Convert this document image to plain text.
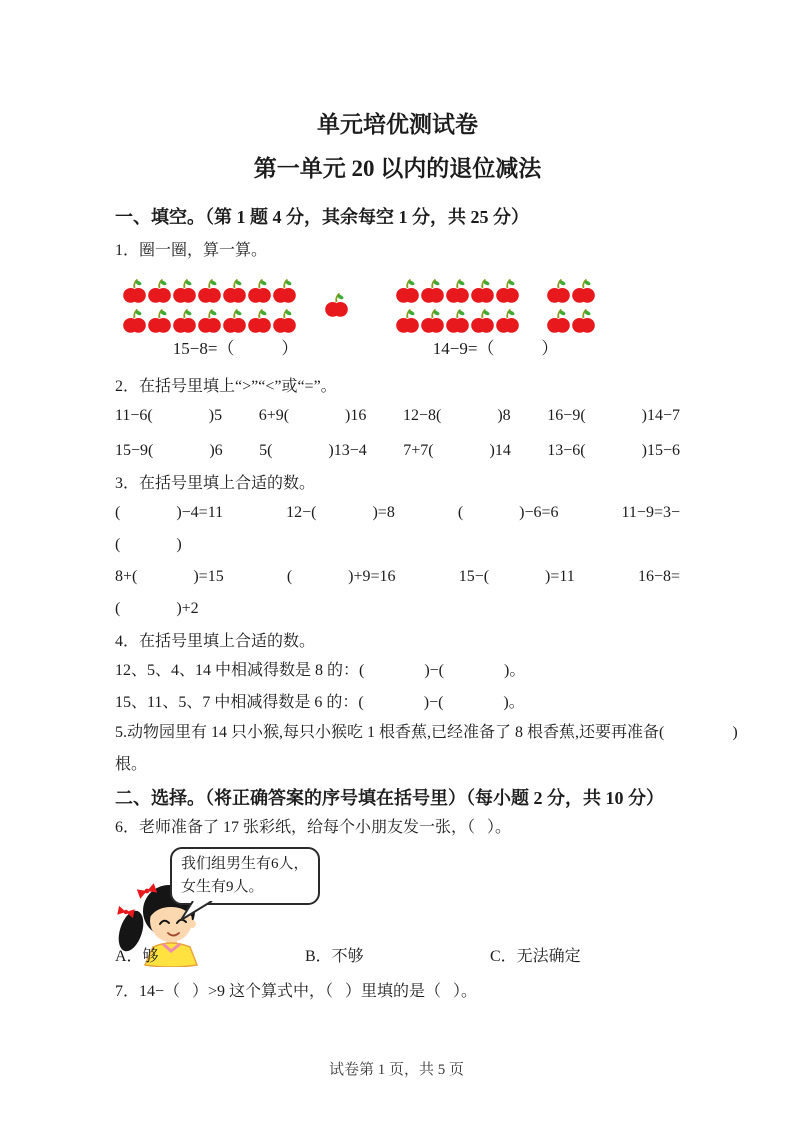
单元培优测试卷
第一单元 20 以内的退位减法
一、填空。（第 1 题 4 分，其余每空 1 分，共 25 分）
1．圈一圈，算一算。
15−8=（           ）	14−9=（           ）
2．在括号里填上“>”“<”或“=”。
11−6(              )5 6+9(              )16 12−8(              )8 16−9(              )14−7
15−9(              )6 5(              )13−4 7+7(              )14 13−6(              )15−6
3．在括号里填上合适的数。
(              )−4=11	12−(              )=8	(              )−6=6	11−9=3−
(              )
8+(              )=15	(              )+9=16	15−(              )=11	16−8=
(              )+2
4．在括号里填上合适的数。
12、5、4、14 中相减得数是 8 的：(               )−(               )。
15、11、5、7 中相减得数是 6 的：(               )−(               )。
5.动物园里有 14 只小猴,每只小猴吃 1 根香蕉,已经准备了 8 根香蕉,还要再准备(                 )
根。
二、选择。（将正确答案的序号填在括号里）（每小题 2 分，共 10 分）
6．老师准备了 17 张彩纸，给每个小朋友发一张，（   ）。
我们组男生有6人，
女生有9人。
A．够	B．不够	C．无法确定
7．14−（   ）>9 这个算式中，（   ）里填的是（   ）。
试卷第 1 页，共 5 页
